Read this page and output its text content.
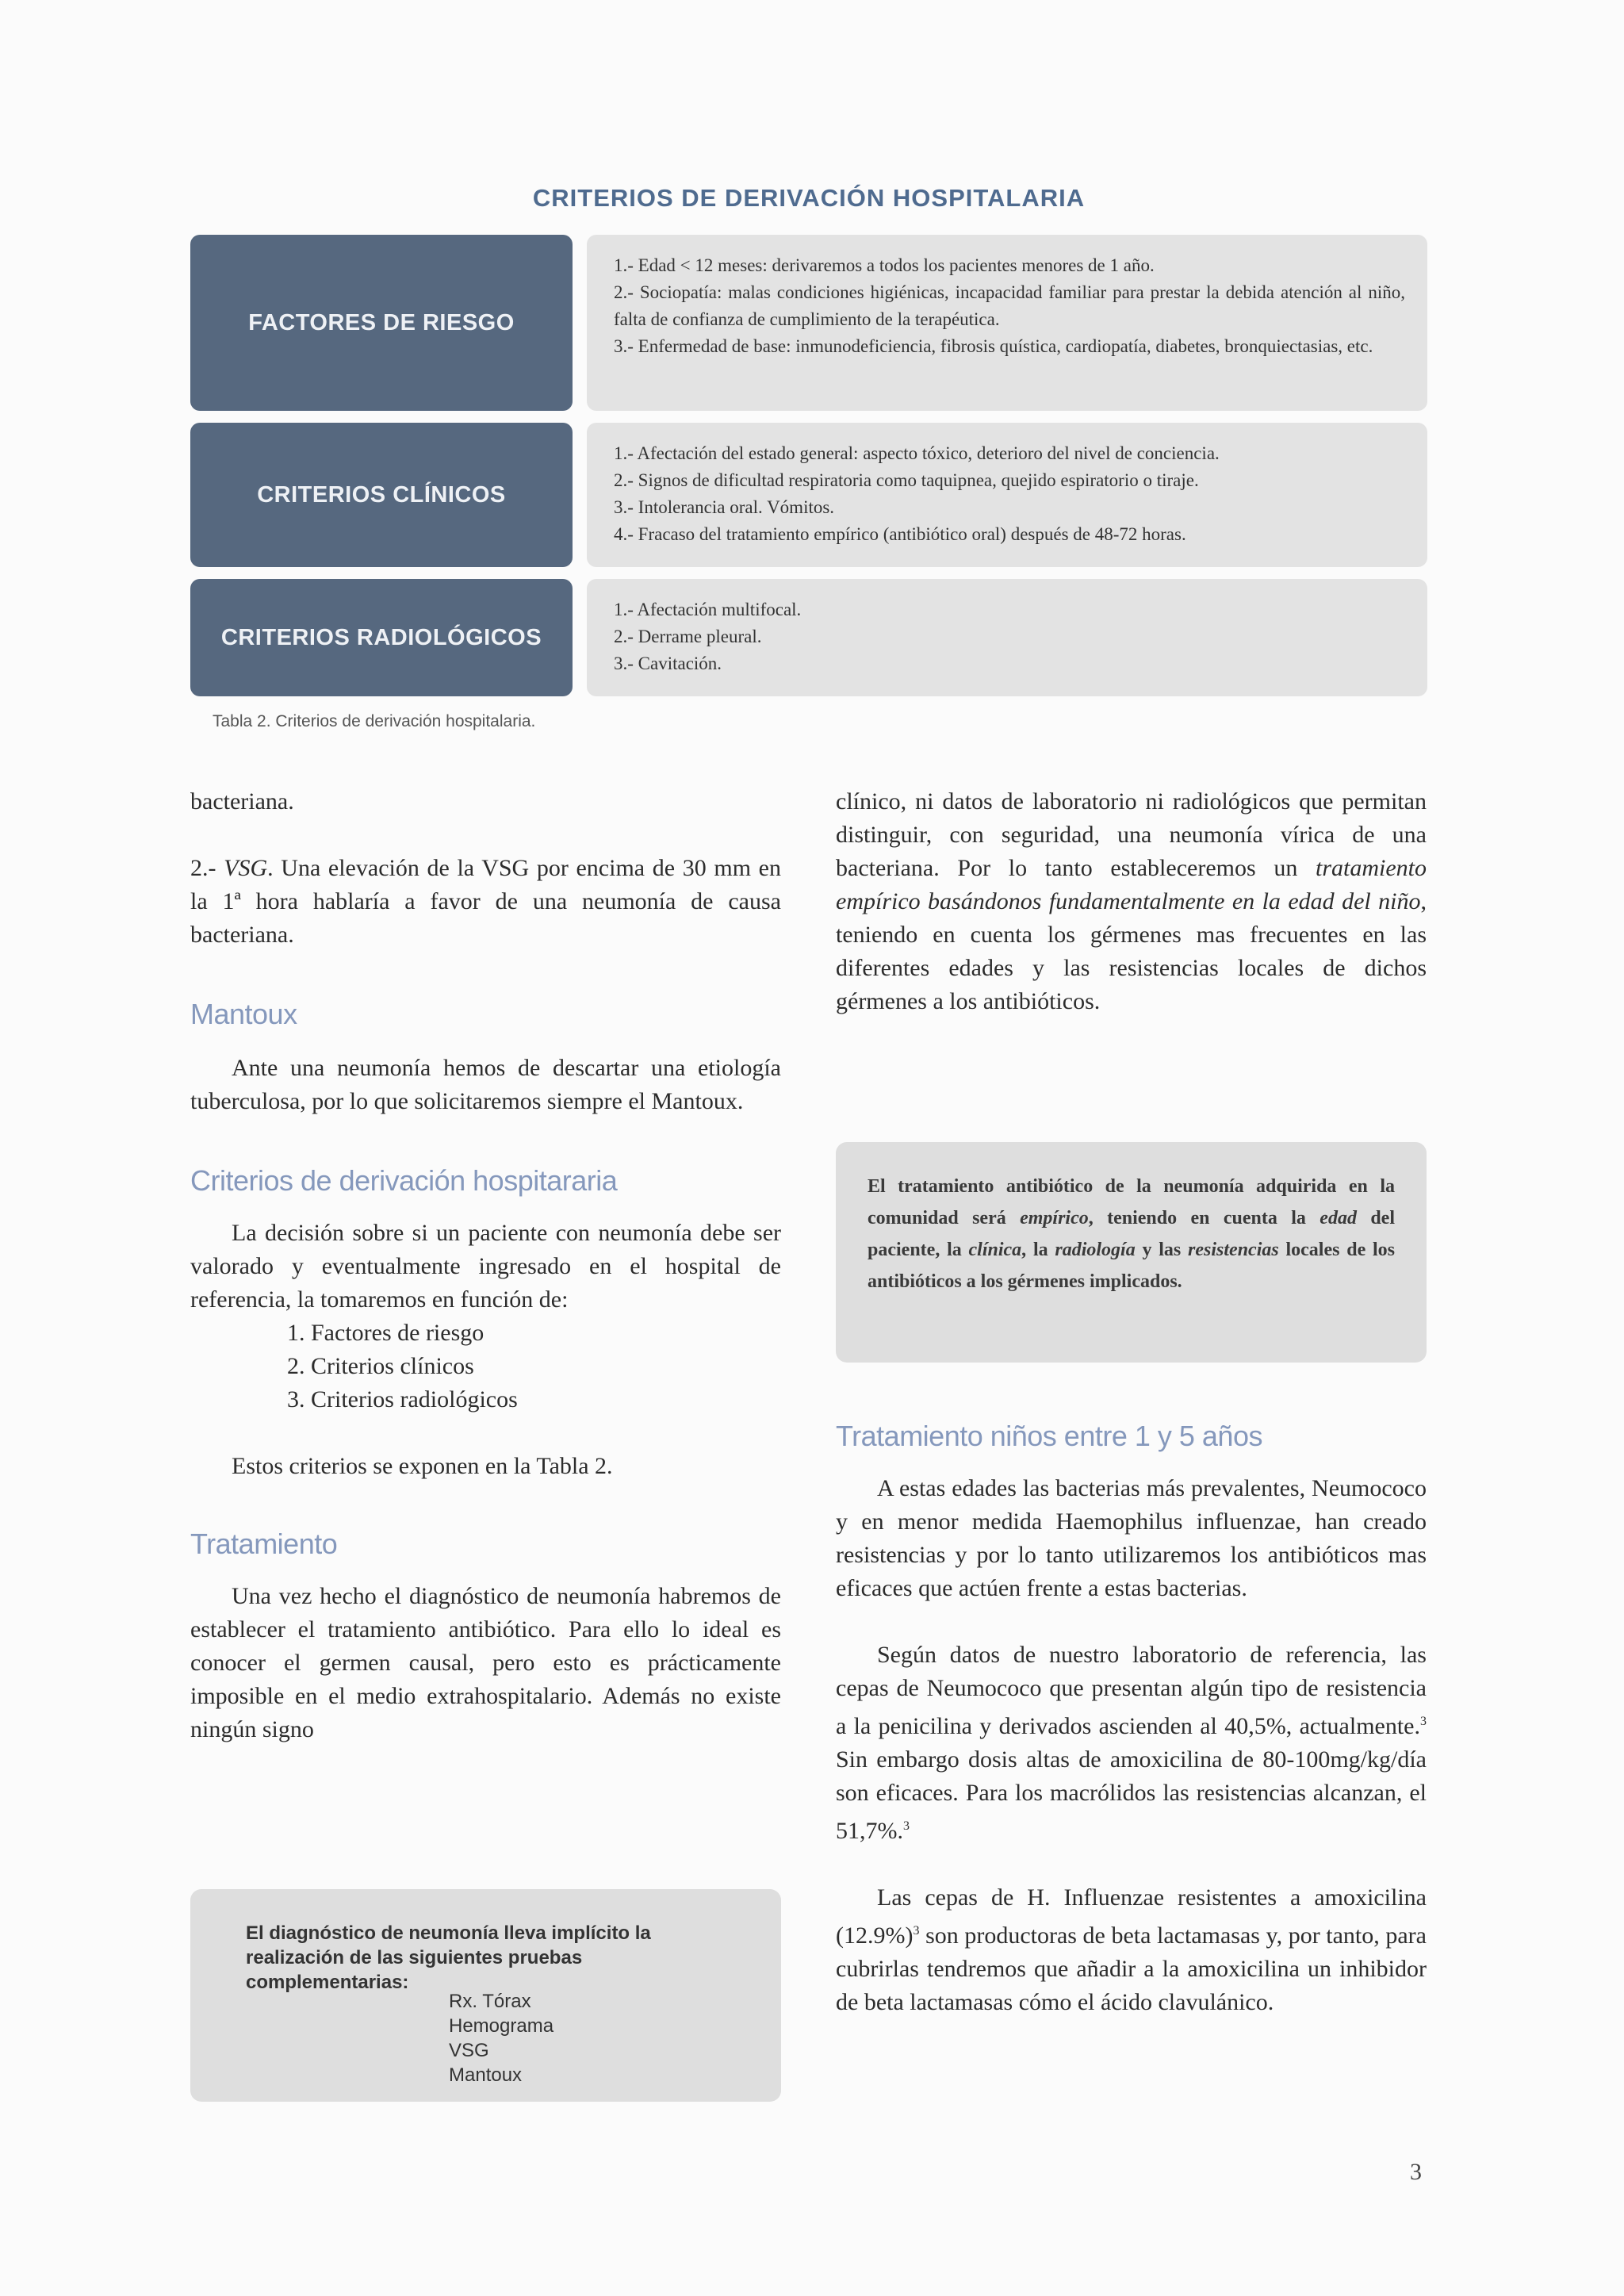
CRITERIOS DE DERIVACIÓN HOSPITALARIA
FACTORES DE RIESGO

1.- Edad < 12 meses: derivaremos a todos los pacientes menores de 1 año.

2.- Sociopatía: malas condiciones higiénicas, incapacidad familiar para prestar la debida atención al niño, falta de confianza de cumplimiento de la terapéutica.

3.- Enfermedad de base: inmunodeficiencia, fibrosis quística, cardiopatía, diabetes, bronquiectasias, etc.

CRITERIOS CLÍNICOS

1.- Afectación del estado general: aspecto tóxico, deterioro del nivel de conciencia.

2.- Signos de dificultad respiratoria como taquipnea, quejido espiratorio o tiraje.

3.- Intolerancia oral. Vómitos.

4.- Fracaso del tratamiento empírico (antibiótico oral) después de 48-72 horas.

CRITERIOS RADIOLÓGICOS

1.- Afectación multifocal.

2.- Derrame pleural.

3.- Cavitación.

Tabla 2. Criterios de derivación hospitalaria.

bacteriana.

2.- VSG. Una elevación de la VSG por encima de 30 mm en la 1ª hora hablaría a favor de una neumonía de causa bacteriana.

Mantoux

Ante una neumonía hemos de descartar una etiología tuberculosa, por lo que solicitaremos siempre el Mantoux.

Criterios de derivación hospitararia

La decisión sobre si un paciente con neumonía debe ser valorado y eventualmente ingresado en el hospital de referencia, la tomaremos en función de:

1. Factores de riesgo
2. Criterios clínicos
3. Criterios radiológicos

Estos criterios se exponen en la Tabla 2.

Tratamiento

Una vez hecho el diagnóstico de neumonía habremos de establecer el tratamiento antibiótico. Para ello lo ideal es conocer el germen causal, pero esto es prácticamente imposible en el medio extrahospitalario. Además no existe ningún signo

El diagnóstico de neumonía lleva implícito la realización de las siguientes pruebas complementarias:
Rx. Tórax
Hemograma
VSG
Mantoux

clínico, ni datos de laboratorio ni radiológicos que permitan distinguir, con seguridad, una neumonía vírica de una bacteriana. Por lo tanto estableceremos un tratamiento empírico basándonos fundamentalmente en la edad del niño, teniendo en cuenta los gérmenes mas frecuentes en las diferentes edades y las resistencias locales de dichos gérmenes a los antibióticos.

El tratamiento antibiótico de la neumonía adquirida en la comunidad será empírico, teniendo en cuenta la edad del paciente, la clínica, la radiología y las resistencias locales de los antibióticos a los gérmenes implicados.

Tratamiento niños entre 1 y 5 años

A estas edades las bacterias más prevalentes, Neumococo y en menor medida Haemophilus influenzae, han creado resistencias y por lo tanto utilizaremos los antibióticos mas eficaces que actúen frente a estas bacterias.

Según datos de nuestro laboratorio de referencia, las cepas de Neumococo que presentan algún tipo de resistencia a la penicilina y derivados ascienden al 40,5%, actualmente.$^3$ Sin embargo dosis altas de amoxicilina de 80-100mg/kg/día son eficaces. Para los macrólidos las resistencias alcanzan, el 51,7%.$^3$

Las cepas de H. Influenzae resistentes a amoxicilina $(12.9\%)^3$ son productoras de beta lactamasas y, por tanto, para cubrirlas tendremos que añadir a la amoxicilina un inhibidor de beta lactamasas cómo el ácido clavulánico.

3
